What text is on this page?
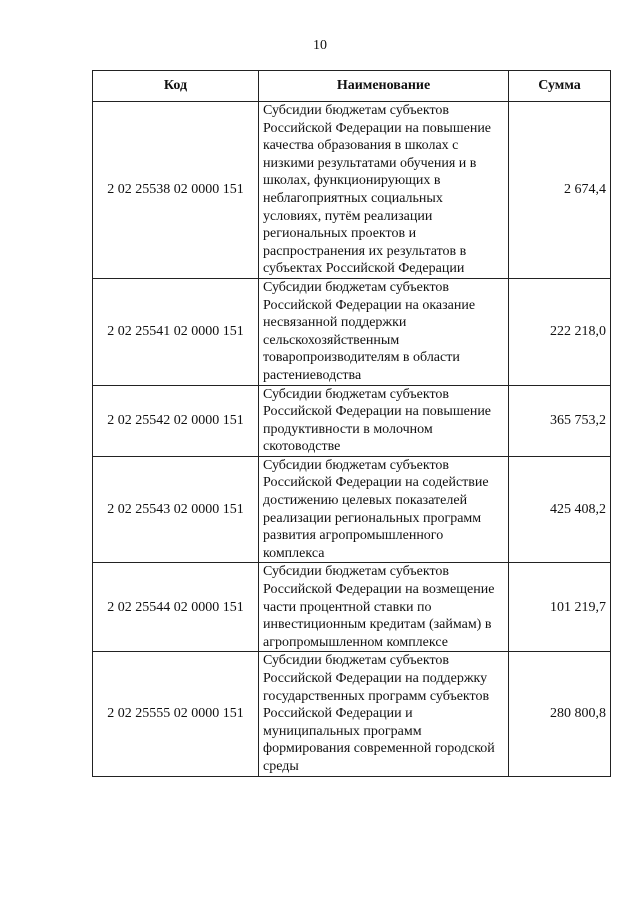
10
Код	Наименование	Сумма
2 02 25538 02 0000 151	Субсидии бюджетам субъектов Российской Федерации на повышение качества образования в школах с низкими результатами обучения и в школах, функционирующих в неблагоприятных социальных условиях, путём реализации региональных проектов и распространения их результатов в субъектах Российской Федерации	2 674,4
2 02 25541 02 0000 151	Субсидии бюджетам субъектов Российской Федерации на оказание несвязанной поддержки сельскохозяйственным товаропроизводителям в области растениеводства	222 218,0
2 02 25542 02 0000 151	Субсидии бюджетам субъектов Российской Федерации на повышение продуктивности в молочном скотоводстве	365 753,2
2 02 25543 02 0000 151	Субсидии бюджетам субъектов Российской Федерации на содействие достижению целевых показателей реализации региональных программ развития агропромышленного комплекса	425 408,2
2 02 25544 02 0000 151	Субсидии бюджетам субъектов Российской Федерации на возмещение части процентной ставки по инвестиционным кредитам (займам) в агропромышленном комплексе	101 219,7
2 02 25555 02 0000 151	Субсидии бюджетам субъектов Российской Федерации на поддержку государственных программ субъектов Российской Федерации и муниципальных программ формирования современной городской среды	280 800,8
